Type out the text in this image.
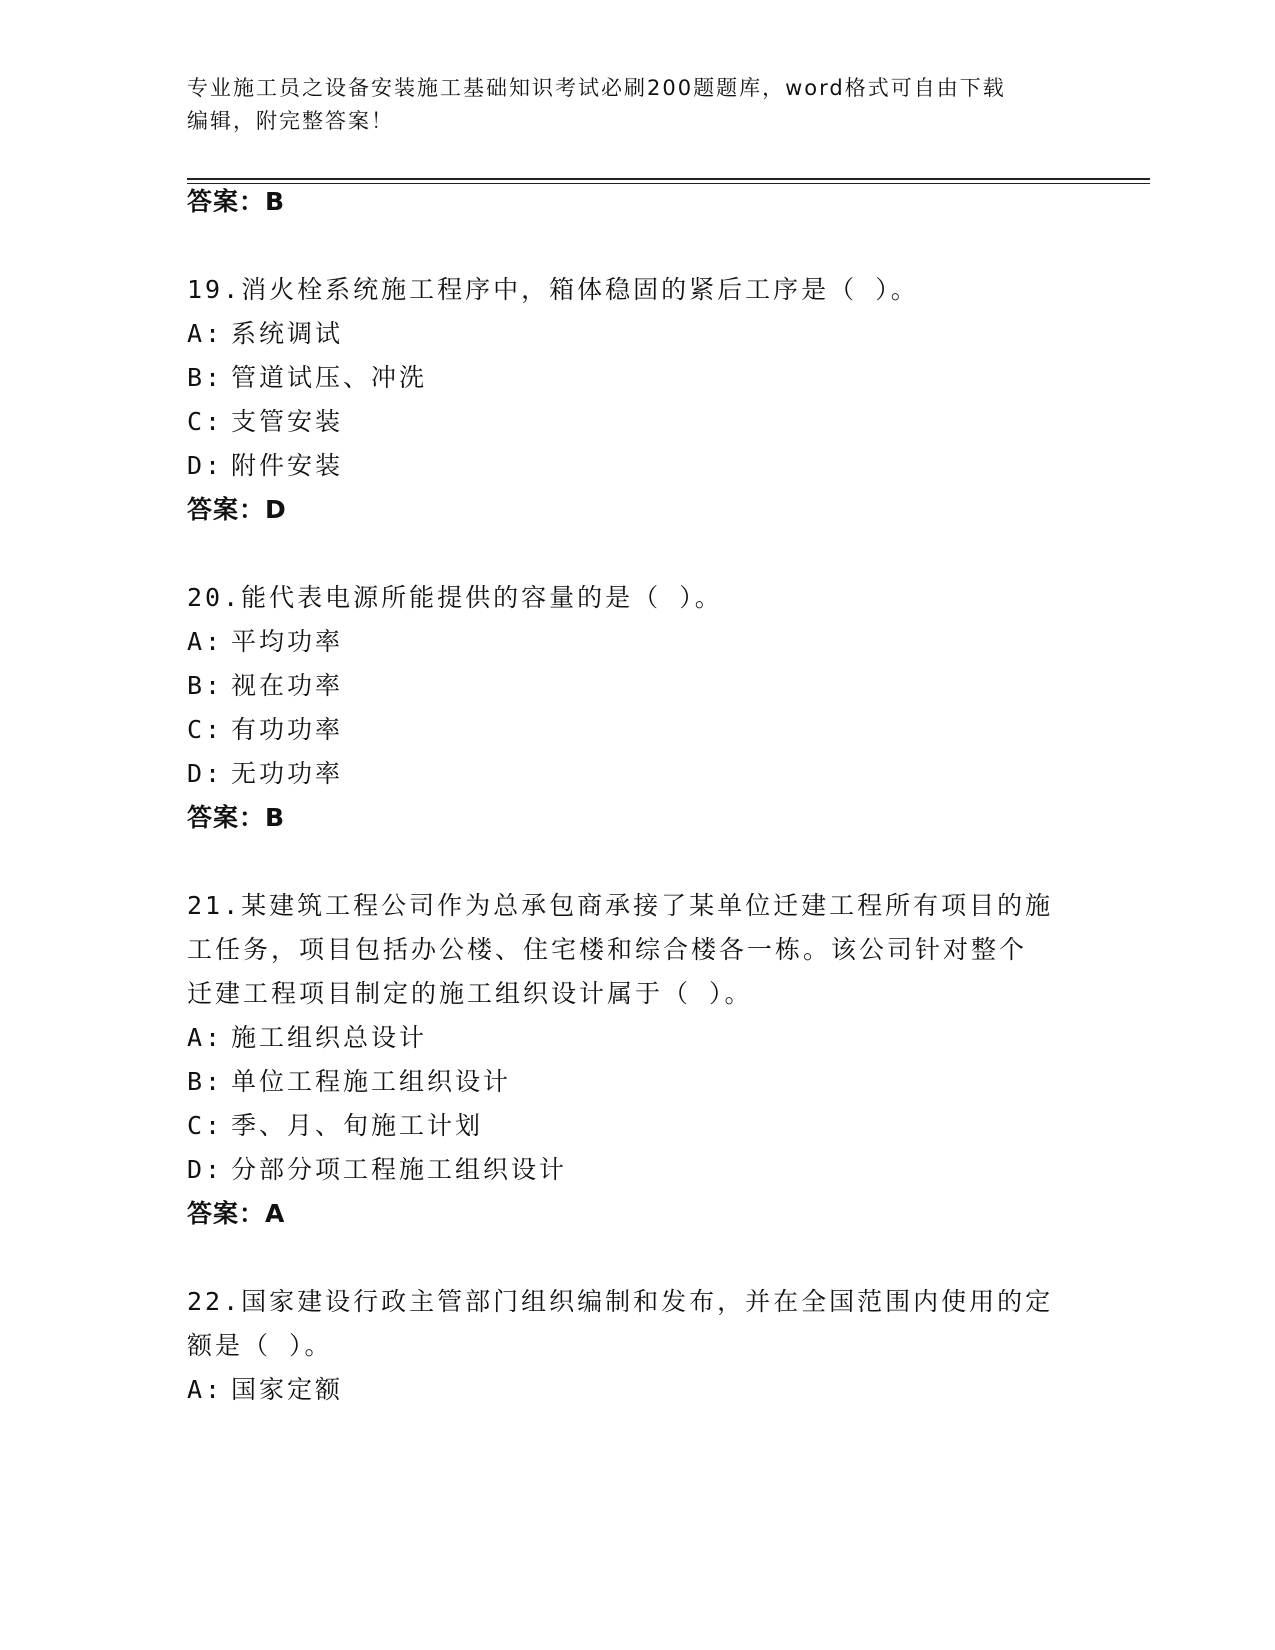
专业施工员之设备安装施工基础知识考试必刷200题题库，word格式可自由下载
编辑，附完整答案！
答案：B
19.消火栓系统施工程序中，箱体稳固的紧后工序是（ ）。
A: 系统调试
B: 管道试压、冲洗
C: 支管安装
D: 附件安装
答案：D
20.能代表电源所能提供的容量的是（ ）。
A: 平均功率
B: 视在功率
C: 有功功率
D: 无功功率
答案：B
21.某建筑工程公司作为总承包商承接了某单位迁建工程所有项目的施
工任务，项目包括办公楼、住宅楼和综合楼各一栋。该公司针对整个
迁建工程项目制定的施工组织设计属于（ ）。
A: 施工组织总设计
B: 单位工程施工组织设计
C: 季、月、旬施工计划
D: 分部分项工程施工组织设计
答案：A
22.国家建设行政主管部门组织编制和发布，并在全国范围内使用的定
额是（ ）。
A: 国家定额
